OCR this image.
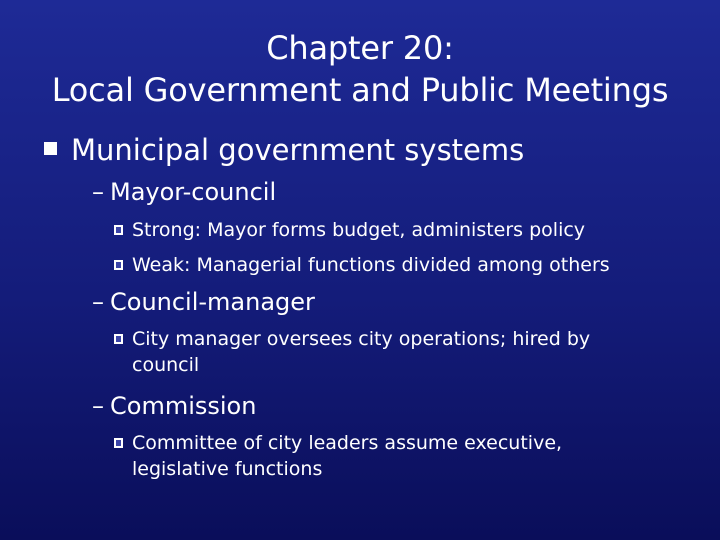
Chapter 20:
Local Government and Public Meetings
Municipal government systems
– Mayor-council
Strong: Mayor forms budget, administers policy
Weak: Managerial functions divided among others
– Council-manager
City manager oversees city operations; hired by council
– Commission
Committee of city leaders assume executive, legislative functions
